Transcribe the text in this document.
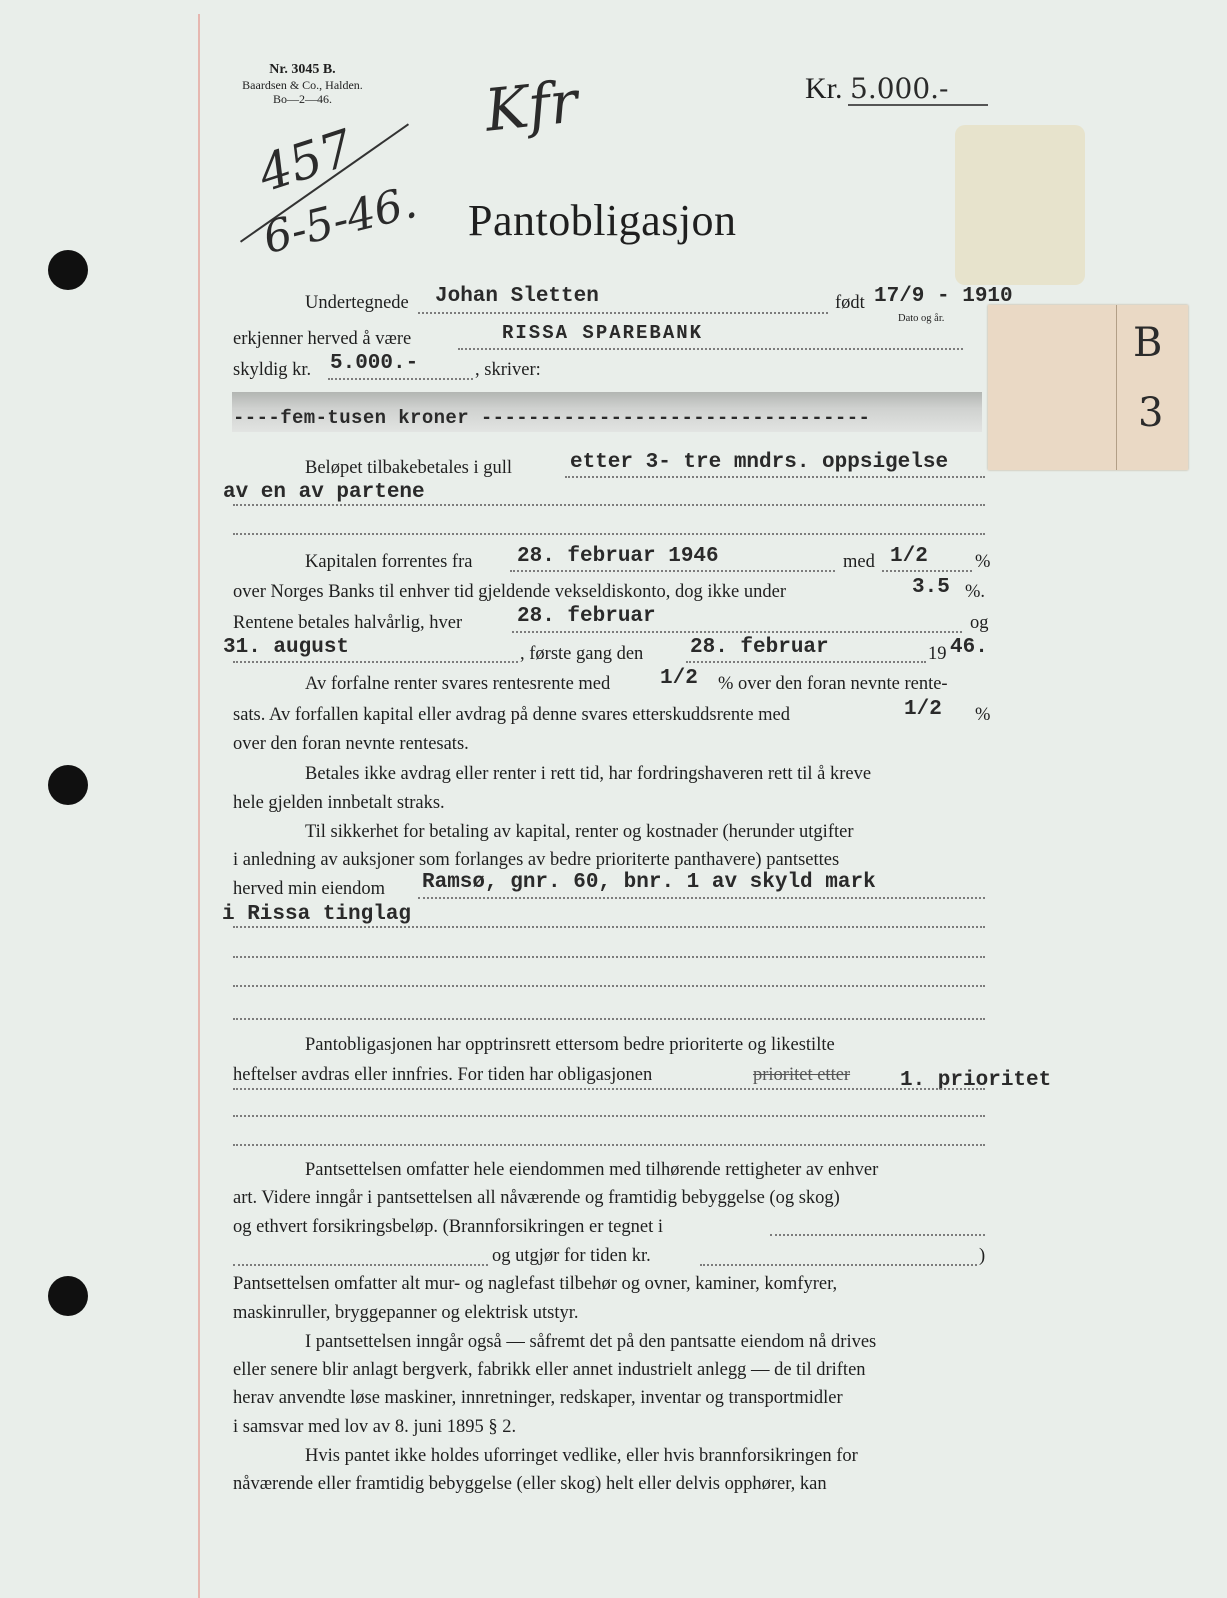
B
3
Nr. 3045 B.
Baardsen & Co., Halden.
Bo—2—46.
457
6-5-46.
Kfr	Kr. 5.000.-
Pantobligasjon
Undertegnede Johan Sletten	født 17/9 - 1910
Dato og år.
erkjenner herved å være	RISSA SPAREBANK
skyldig kr. 5.000.-	, skriver:
----fem-tusen kroner ---------------------------------
Beløpet tilbakebetales i gull	etter 3- tre mndrs. oppsigelse
av en av partene
Kapitalen forrentes fra 28. februar 1946	med 1/2	%
over Norges Banks til enhver tid gjeldende vekseldiskonto, dog ikke under	3.5 %.
Rentene betales halvårlig, hver	28. februar	og
31. august	, første gang den 28. februar	19 46.
Av forfalne renter svares rentesrente med 1/2 % over den foran nevnte rente-
sats. Av forfallen kapital eller avdrag på denne svares etterskuddsrente med	1/2 %
over den foran nevnte rentesats.
Betales ikke avdrag eller renter i rett tid, har fordringshaveren rett til å kreve
hele gjelden innbetalt straks.
Til sikkerhet for betaling av kapital, renter og kostnader (herunder utgifter
i anledning av auksjoner som forlanges av bedre prioriterte panthavere) pantsettes
herved min eiendom Ramsø, gnr. 60, bnr. 1 av skyld mark
i Rissa tinglag
Pantobligasjonen har opptrinsrett ettersom bedre prioriterte og likestilte
heftelser avdras eller innfries. For tiden har obligasjonen	prioritet etter 1. prioritet
Pantsettelsen omfatter hele eiendommen med tilhørende rettigheter av enhver
art. Videre inngår i pantsettelsen all nåværende og framtidig bebyggelse (og skog)
og ethvert forsikringsbeløp. (Brannforsikringen er tegnet i
og utgjør for tiden kr.	)
Pantsettelsen omfatter alt mur- og naglefast tilbehør og ovner, kaminer, komfyrer,
maskinruller, bryggepanner og elektrisk utstyr.
I pantsettelsen inngår også — såfremt det på den pantsatte eiendom nå drives
eller senere blir anlagt bergverk, fabrikk eller annet industrielt anlegg — de til driften
herav anvendte løse maskiner, innretninger, redskaper, inventar og transportmidler
i samsvar med lov av 8. juni 1895 § 2.
Hvis pantet ikke holdes uforringet vedlike, eller hvis brannforsikringen for
nåværende eller framtidig bebyggelse (eller skog) helt eller delvis opphører, kan
